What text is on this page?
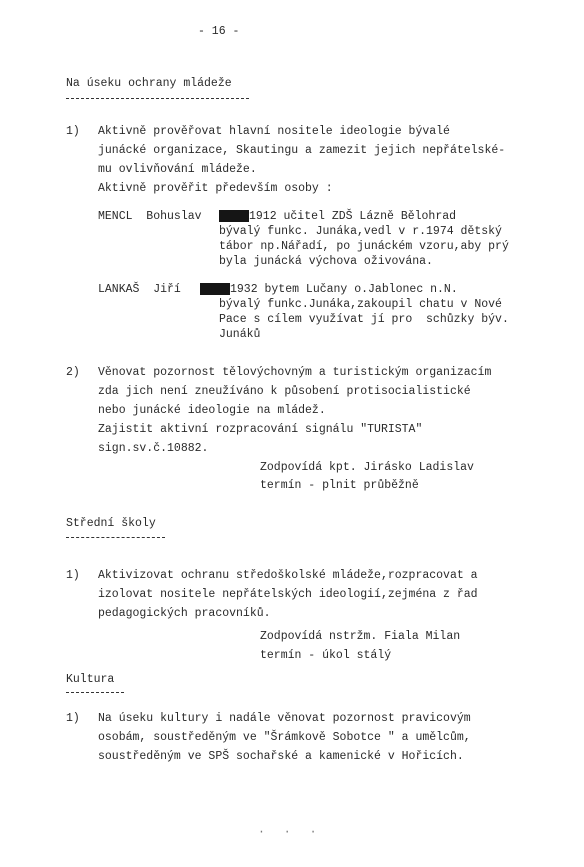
- 16 -
Na úseku ochrany mládeže
1) Aktivně prověřovat hlavní nositele ideologie bývalé
junácké organizace, Skautingu a zamezit jejich nepřátelské-
mu ovlivňování mládeže.
Aktivně prověřit především osoby :
MENCL  Bohuslav	1912 učitel ZDŠ Lázně Bělohrad
bývalý funkc. Junáka,vedl v r.1974 dětský
tábor np.Nářadí, po junáckém vzoru,aby prý
byla junácká výchova oživována.
LANKAŠ  Jiří	1932 bytem Lučany o.Jablonec n.N.
bývalý funkc.Junáka,zakoupil chatu v Nové
Pace s cílem využívat jí pro  schůzky býv.
Junáků
2) Věnovat pozornost tělovýchovným a turistickým organizacím
zda jich není zneužíváno k působení protisocialistické
nebo junácké ideologie na mládež.
Zajistit aktivní rozpracování signálu "TURISTA"
sign.sv.č.10882.
Zodpovídá kpt. Jirásko Ladislav
termín - plnit průběžně
Střední školy
1) Aktivizovat ochranu středoškolské mládeže,rozpracovat a
izolovat nositele nepřátelských ideologií,zejména z řad
pedagogických pracovníků.
Zodpovídá nstržm. Fiala Milan
termín - úkol stálý
Kultura
1) Na úseku kultury i nadále věnovat pozornost pravicovým
osobám, soustředěným ve "Šrámkově Sobotce " a umělcům,
soustředěným ve SPŠ sochařské a kamenické v Hořicích.
· · ·
